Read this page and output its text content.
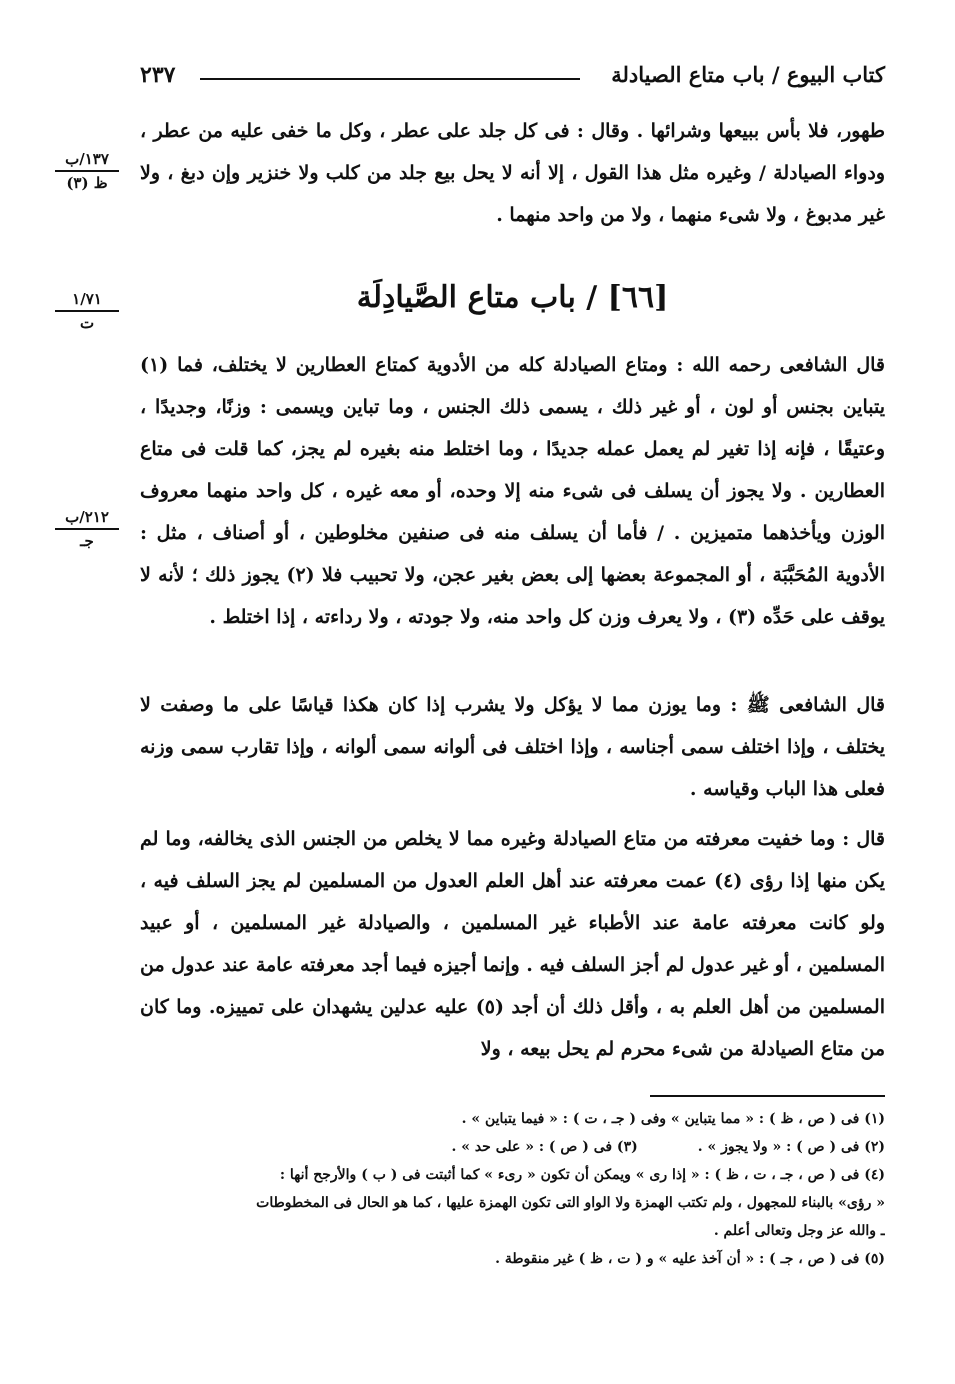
كتاب البيوع / باب متاع الصيادلة
٢٣٧
١٣٧/ب
ظ (٣)
١/٧١
ت
٢١٢/ب
جـ
طهور، فلا بأس ببيعها وشرائها . وقال : فى كل جلد على عطر ، وكل ما خفى عليه من عطر ، ودواء الصيادلة / وغيره مثل هذا القول ، إلا أنه لا يحل بيع جلد من كلب ولا خنزير وإن دبغ ، ولا غير مدبوغ ، ولا شىء منهما ، ولا من واحد منهما .
[٦٦] / باب متاع الصَّيادِلَة
قال الشافعى رحمه الله : ومتاع الصيادلة كله من الأدوية كمتاع العطارين لا يختلف، فما (١) يتباين بجنس أو لون ، أو غير ذلك ، يسمى ذلك الجنس ، وما تباين ويسمى : وزنًا، وجديدًا ، وعتيقًا ، فإنه إذا تغير لم يعمل عمله جديدًا ، وما اختلط منه بغيره لم يجز، كما قلت فى متاع العطارين . ولا يجوز أن يسلف فى شىء منه إلا وحده، أو معه غيره ، كل واحد منهما معروف الوزن ويأخذهما متميزين . / فأما أن يسلف منه فى صنفين مخلوطين ، أو أصناف ، مثل : الأدوية المُحَبَّبَة ، أو المجموعة بعضها إلى بعض بغير عجن، ولا تحبيب فلا (٢) يجوز ذلك ؛ لأنه لا يوقف على حَدِّه (٣) ، ولا يعرف وزن كل واحد منه، ولا جودته ، ولا رداءته ، إذا اختلط .
قال الشافعى ﷺ : وما يوزن مما لا يؤكل ولا يشرب إذا كان هكذا قياسًا على ما وصفت لا يختلف ، وإذا اختلف سمى أجناسه ، وإذا اختلف فى ألوانه سمى ألوانه ، وإذا تقارب سمى وزنه فعلى هذا الباب وقياسه .
قال : وما خفيت معرفته من متاع الصيادلة وغيره مما لا يخلص من الجنس الذى يخالفه، وما لم يكن منها إذا رؤى (٤) عمت معرفته عند أهل العلم العدول من المسلمين لم يجز السلف فيه ، ولو كانت معرفته عامة عند الأطباء غير المسلمين ، والصيادلة غير المسلمين ، أو عبيد المسلمين ، أو غير عدول لم أجز السلف فيه . وإنما أجيزه فيما أجد معرفته عامة عند عدول من المسلمين من أهل العلم به ، وأقل ذلك أن أجد (٥) عليه عدلين يشهدان على تمييزه. وما كان من متاع الصيادلة من شىء محرم لم يحل بيعه ، ولا
(١) فى ( ص ، ظ ) : « مما يتباين » وفى ( جـ ، ت ) : « فيما يتباين » .
(٢) فى ( ص ) : « ولا يجوز » .
(٣) فى ( ص ) : « على حد » .
(٤) فى ( ص ، جـ ، ت ، ظ ) : « إذا رى » ويمكن أن تكون « رىء » كما أثبتت فى ( ب ) والأرجح أنها :
« رؤى» بالبناء للمجهول ، ولم تكتب الهمزة ولا الواو التى تكون الهمزة عليها ، كما هو الحال فى المخطوطات
ـ والله عز وجل وتعالى أعلم .
(٥) فى ( ص ، جـ ) : « أن آخذ عليه » و ( ت ، ظ ) غير منقوطة .
